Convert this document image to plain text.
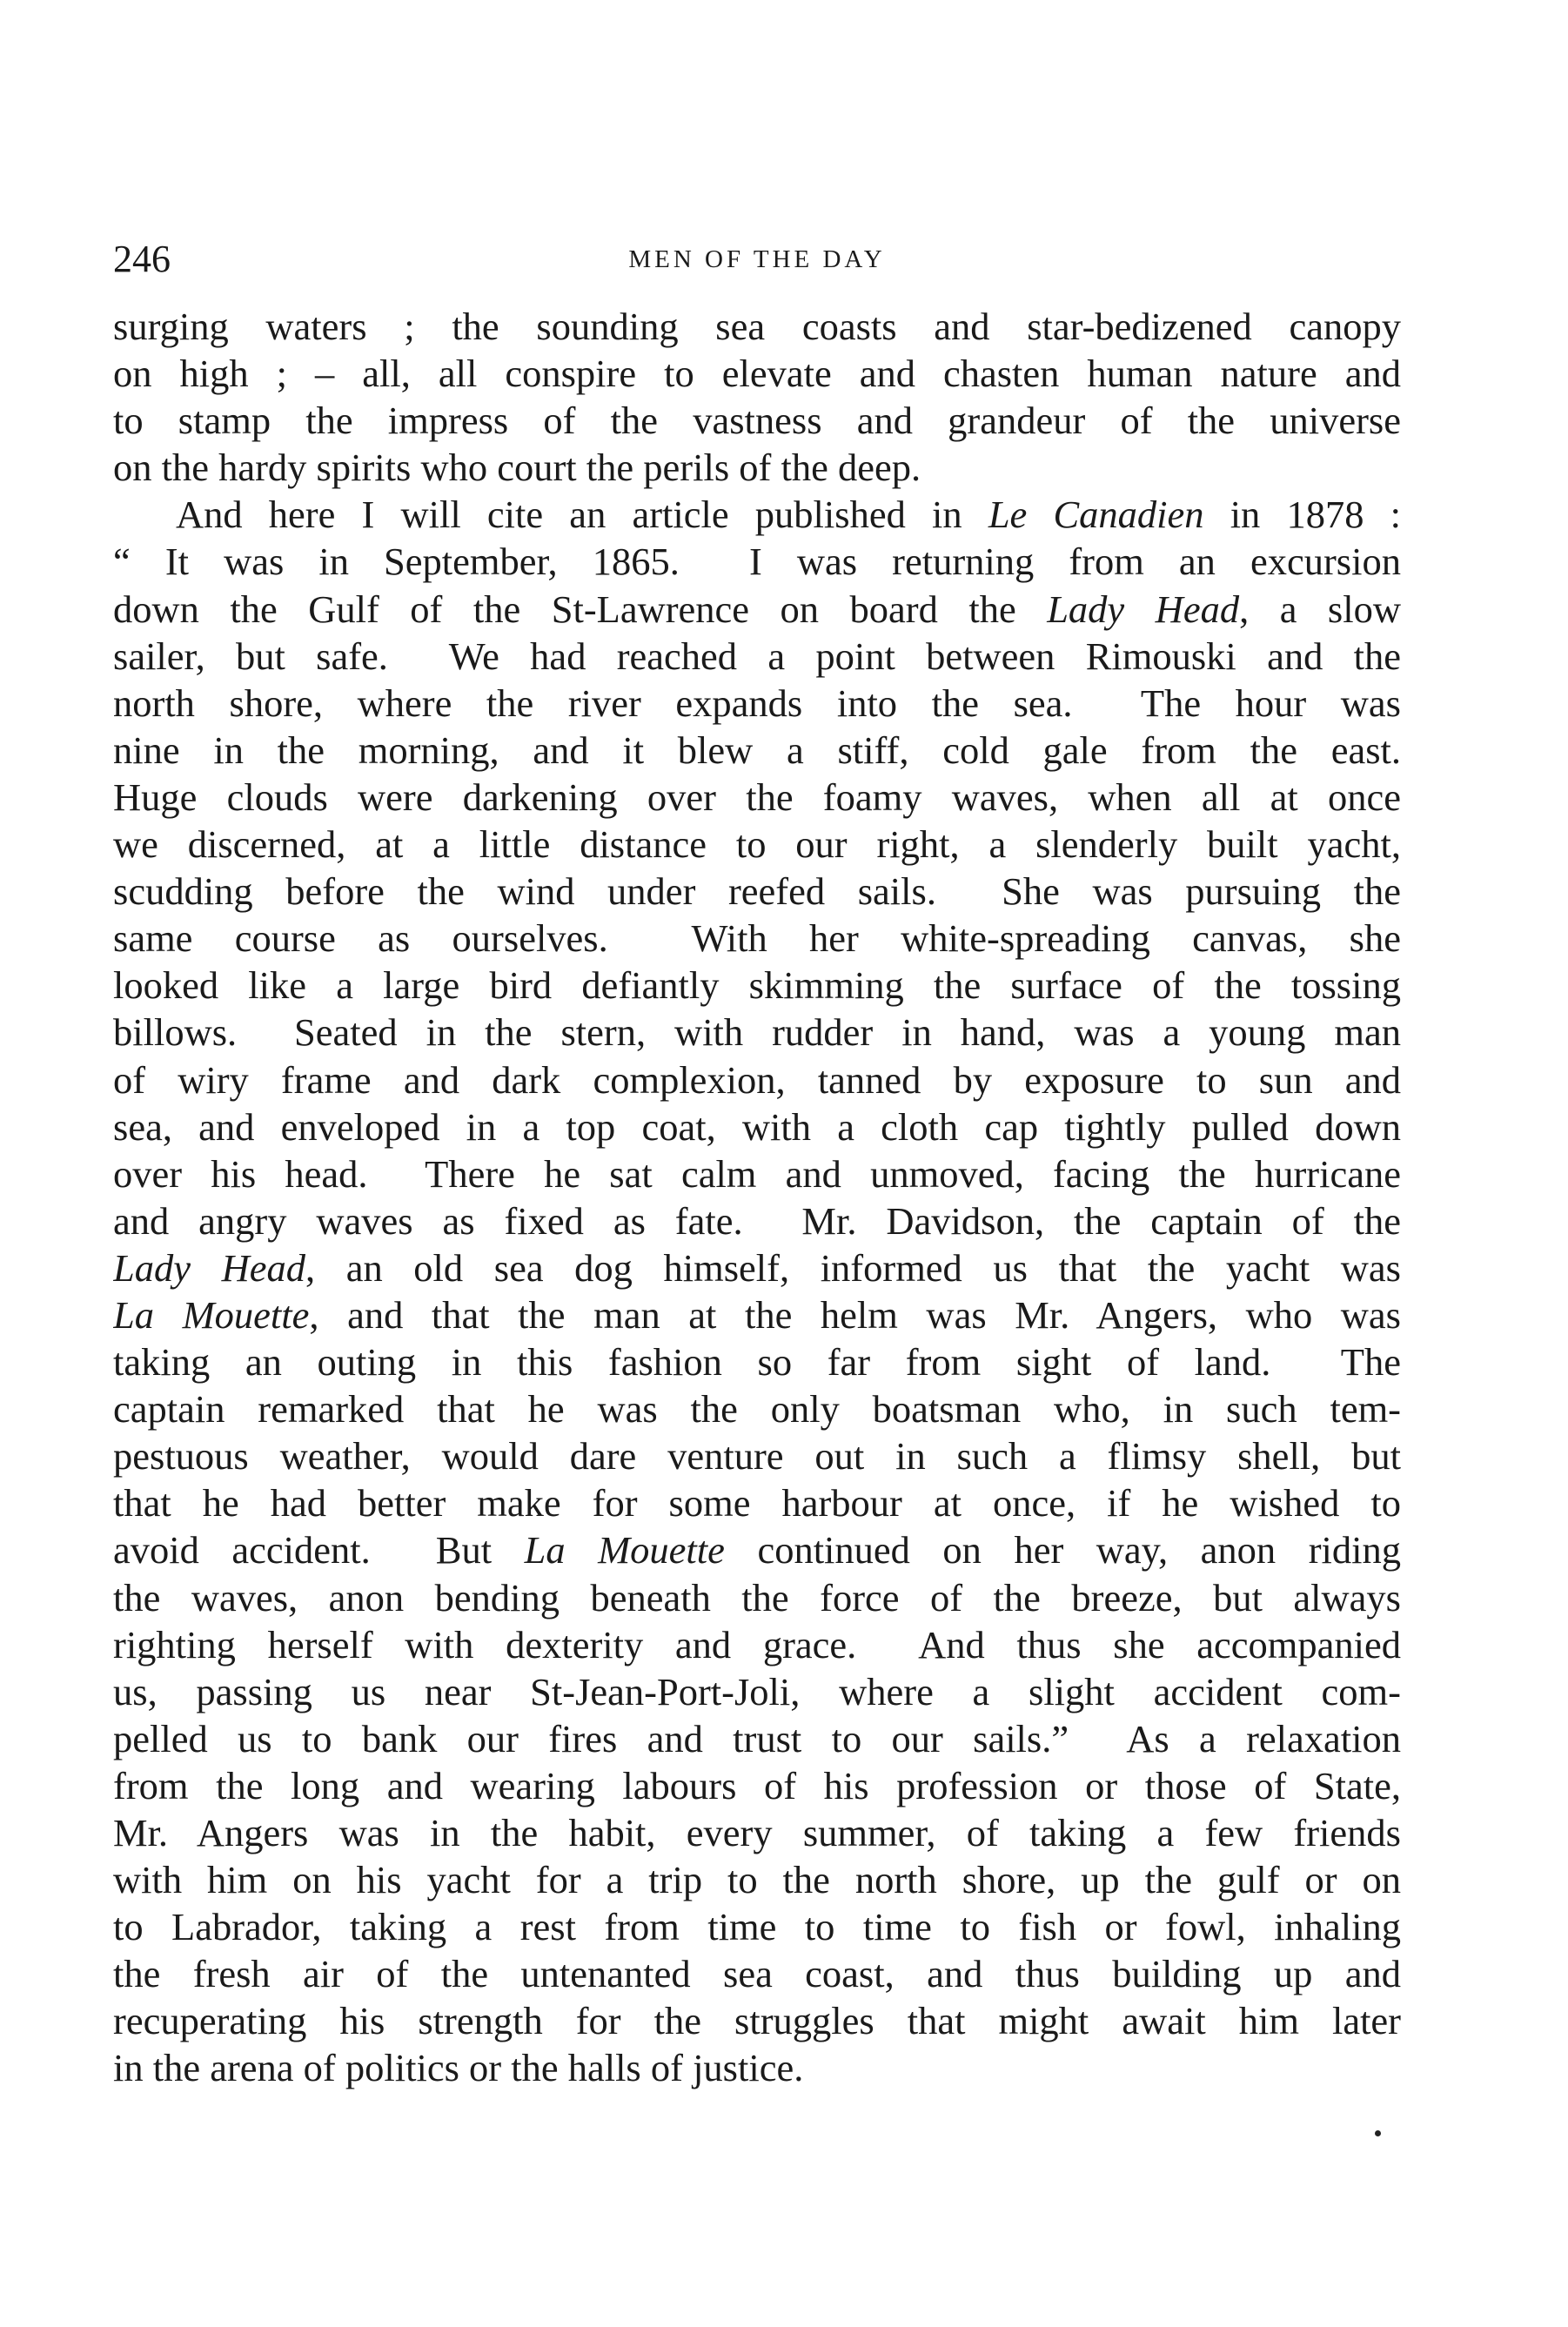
246	MEN OF THE DAY
surging waters ; the sounding sea coasts and star-bedizened canopy
on high ; – all, all conspire to elevate and chasten human nature and
to stamp the impress of the vastness and grandeur of the universe
on the hardy spirits who court the perils of the deep.
And here I will cite an article published in Le Canadien in 1878 :
“ It was in September, 1865.  I was returning from an excursion
down the Gulf of the St-Lawrence on board the Lady Head, a slow
sailer, but safe.  We had reached a point between Rimouski and the
north shore, where the river expands into the sea.  The hour was
nine in the morning, and it blew a stiff, cold gale from the east.
Huge clouds were darkening over the foamy waves, when all at once
we discerned, at a little distance to our right, a slenderly built yacht,
scudding before the wind under reefed sails.  She was pursuing the
same course as ourselves.  With her white-spreading canvas, she
looked like a large bird defiantly skimming the surface of the tossing
billows.  Seated in the stern, with rudder in hand, was a young man
of wiry frame and dark complexion, tanned by exposure to sun and
sea, and enveloped in a top coat, with a cloth cap tightly pulled down
over his head.  There he sat calm and unmoved, facing the hurricane
and angry waves as fixed as fate.  Mr. Davidson, the captain of the
Lady Head, an old sea dog himself, informed us that the yacht was
La Mouette, and that the man at the helm was Mr. Angers, who was
taking an outing in this fashion so far from sight of land.  The
captain remarked that he was the only boatsman who, in such tem-
pestuous weather, would dare venture out in such a flimsy shell, but
that he had better make for some harbour at once, if he wished to
avoid accident.  But La Mouette continued on her way, anon riding
the waves, anon bending beneath the force of the breeze, but always
righting herself with dexterity and grace.  And thus she accompanied
us, passing us near St-Jean-Port-Joli, where a slight accident com-
pelled us to bank our fires and trust to our sails.”  As a relaxation
from the long and wearing labours of his profession or those of State,
Mr. Angers was in the habit, every summer, of taking a few friends
with him on his yacht for a trip to the north shore, up the gulf or on
to Labrador, taking a rest from time to time to fish or fowl, inhaling
the fresh air of the untenanted sea coast, and thus building up and
recuperating his strength for the struggles that might await him later
in the arena of politics or the halls of justice.
